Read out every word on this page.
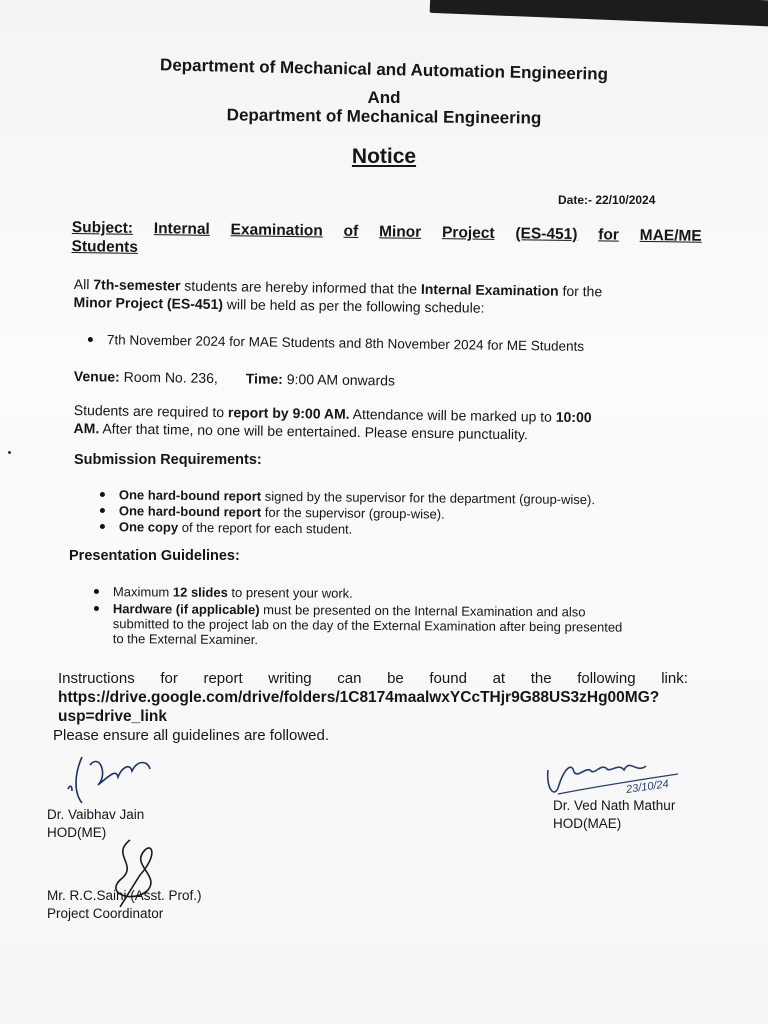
Department of Mechanical and Automation Engineering
And
Department of Mechanical Engineering
Notice
Date:- 22/10/2024
Subject: Internal Examination of Minor Project (ES-451) for MAE/ME
Students
All 7th-semester students are hereby informed that the Internal Examination for the
Minor Project (ES-451) will be held as per the following schedule:
7th November 2024 for MAE Students and 8th November 2024 for ME Students
Venue: Room No. 236, Time: 9:00 AM onwards
Students are required to report by 9:00 AM. Attendance will be marked up to 10:00
AM. After that time, no one will be entertained. Please ensure punctuality.
Submission Requirements:
One hard-bound report signed by the supervisor for the department (group-wise).
One hard-bound report for the supervisor (group-wise).
One copy of the report for each student.
Presentation Guidelines:
Maximum 12 slides to present your work.
Hardware (if applicable) must be presented on the Internal Examination and also
submitted to the project lab on the day of the External Examination after being presented
to the External Examiner.
Instructions for report writing can be found at the following link:
https://drive.google.com/drive/folders/1C8174maalwxYCcTHjr9G88US3zHg00MG?
usp=drive_link
Please ensure all guidelines are followed.
Dr. Vaibhav Jain
HOD(ME)
Mr. R.C.Saini (Asst. Prof.)
Project Coordinator
23/10/24
Dr. Ved Nath Mathur
HOD(MAE)
